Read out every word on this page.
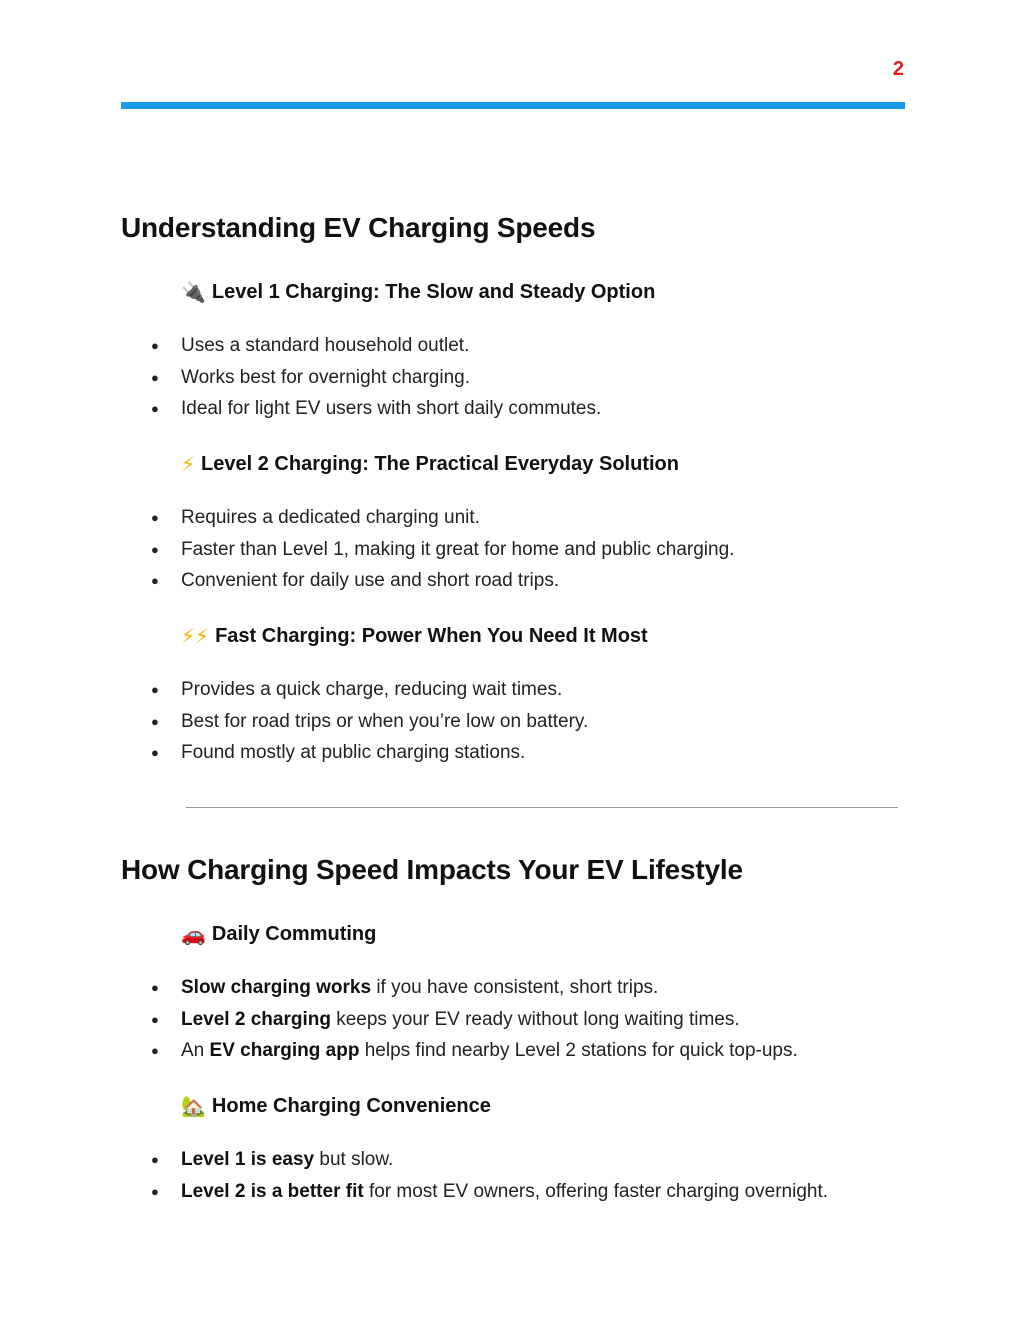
2
Understanding EV Charging Speeds
🔌 Level 1 Charging: The Slow and Steady Option
● Uses a standard household outlet.
● Works best for overnight charging.
● Ideal for light EV users with short daily commutes.
⚡ Level 2 Charging: The Practical Everyday Solution
● Requires a dedicated charging unit.
● Faster than Level 1, making it great for home and public charging.
● Convenient for daily use and short road trips.
⚡⚡ Fast Charging: Power When You Need It Most
● Provides a quick charge, reducing wait times.
● Best for road trips or when you’re low on battery.
● Found mostly at public charging stations.
How Charging Speed Impacts Your EV Lifestyle
🚗 Daily Commuting
● Slow charging works if you have consistent, short trips.
● Level 2 charging keeps your EV ready without long waiting times.
● An EV charging app helps find nearby Level 2 stations for quick top-ups.
🏡 Home Charging Convenience
● Level 1 is easy but slow.
● Level 2 is a better fit for most EV owners, offering faster charging overnight.
